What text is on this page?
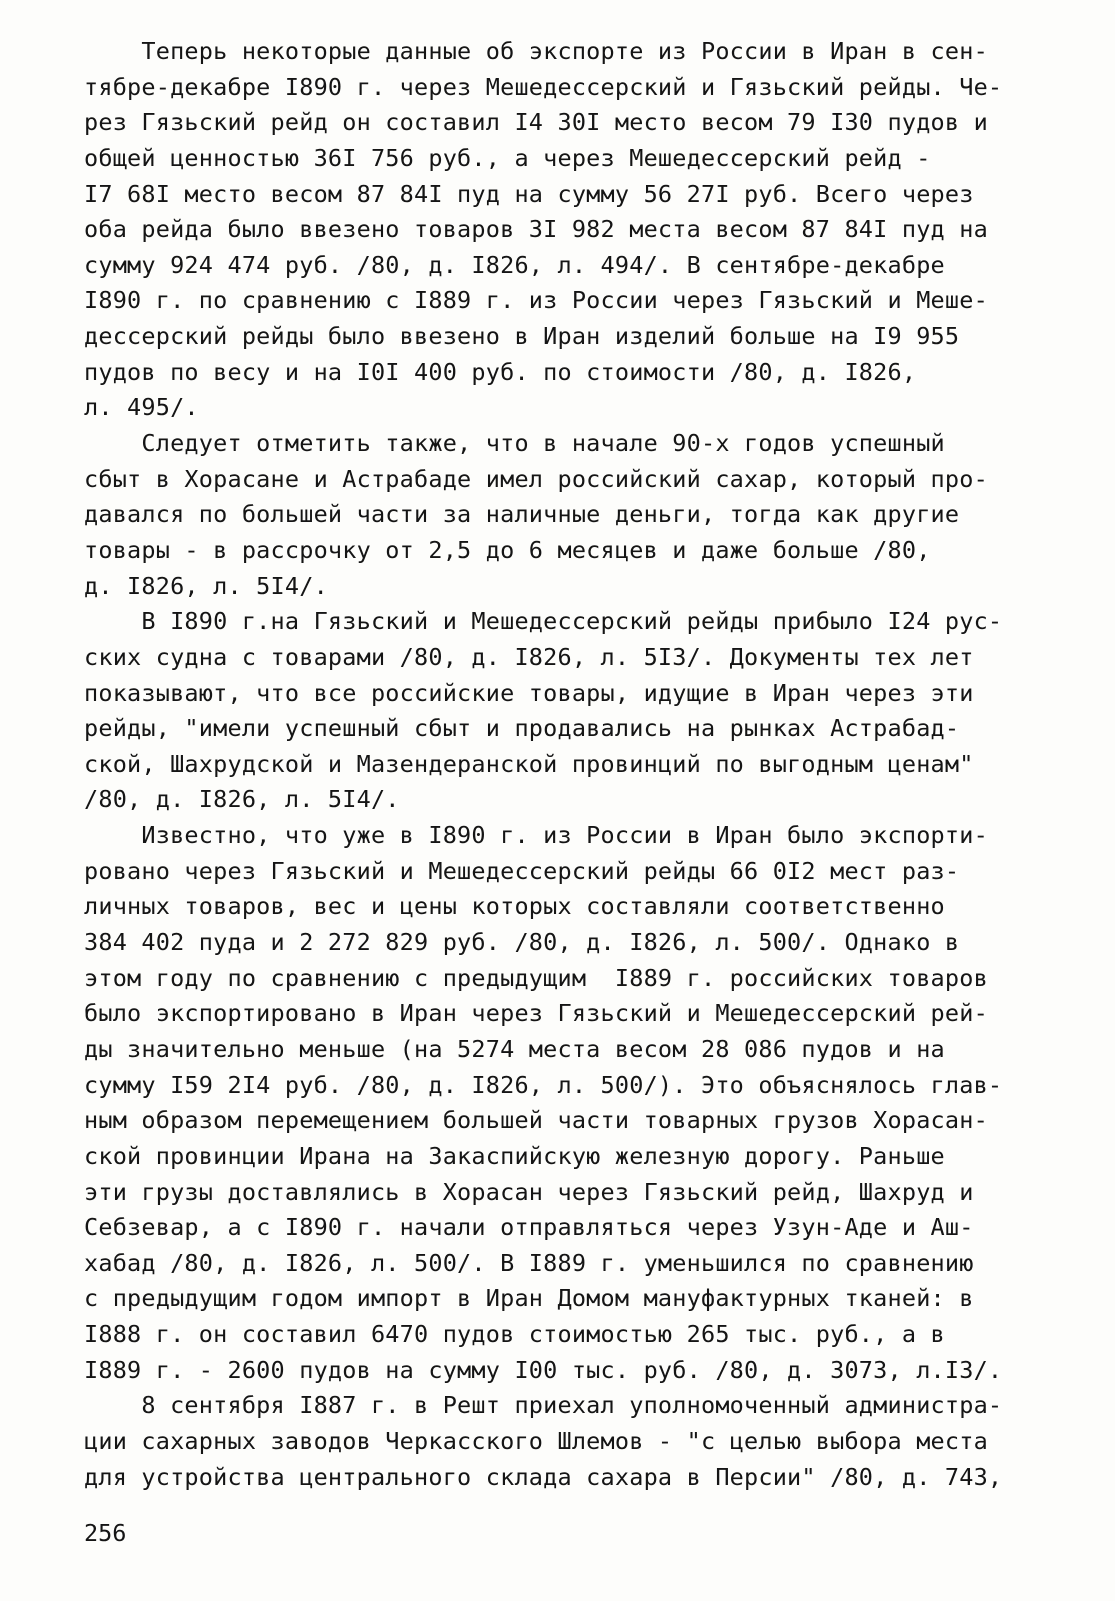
Теперь некоторые данные об экспорте из России в Иран в сен-
тябре-декабре I890 г. через Мешедессерский и Гязьский рейды. Че-
рез Гязьский рейд он составил I4 30I место весом 79 I30 пудов и
общей ценностью 36I 756 руб., а через Мешедессерский рейд -
I7 68I место весом 87 84I пуд на сумму 56 27I руб. Всего через
оба рейда было ввезено товаров 3I 982 места весом 87 84I пуд на
сумму 924 474 руб. /80, д. I826, л. 494/. В сентябре-декабре
I890 г. по сравнению с I889 г. из России через Гязьский и Меше-
дессерский рейды было ввезено в Иран изделий больше на I9 955
пудов по весу и на I0I 400 руб. по стоимости /80, д. I826,
л. 495/.
Следует отметить также, что в начале 90-х годов успешный
сбыт в Хорасане и Астрабаде имел российский сахар, который про-
давался по большей части за наличные деньги, тогда как другие
товары - в рассрочку от 2,5 до 6 месяцев и даже больше /80,
д. I826, л. 5I4/.
В I890 г.на Гязьский и Мешедессерский рейды прибыло I24 рус-
ских судна с товарами /80, д. I826, л. 5I3/. Документы тех лет
показывают, что все российские товары, идущие в Иран через эти
рейды, "имели успешный сбыт и продавались на рынках Астрабад-
ской, Шахрудской и Мазендеранской провинций по выгодным ценам"
/80, д. I826, л. 5I4/.
Известно, что уже в I890 г. из России в Иран было экспорти-
ровано через Гязьский и Мешедессерский рейды 66 0I2 мест раз-
личных товаров, вес и цены которых составляли соответственно
384 402 пуда и 2 272 829 руб. /80, д. I826, л. 500/. Однако в
этом году по сравнению с предыдущим  I889 г. российских товаров
было экспортировано в Иран через Гязьский и Мешедессерский рей-
ды значительно меньше (на 5274 места весом 28 086 пудов и на
сумму I59 2I4 руб. /80, д. I826, л. 500/). Это объяснялось глав-
ным образом перемещением большей части товарных грузов Хорасан-
ской провинции Ирана на Закаспийскую железную дорогу. Раньше
эти грузы доставлялись в Хорасан через Гязьский рейд, Шахруд и
Себзевар, а с I890 г. начали отправляться через Узун-Аде и Аш-
хабад /80, д. I826, л. 500/. В I889 г. уменьшился по сравнению
с предыдущим годом импорт в Иран Домом мануфактурных тканей: в
I888 г. он составил 6470 пудов стоимостью 265 тыс. руб., а в
I889 г. - 2600 пудов на сумму I00 тыс. руб. /80, д. 3073, л.I3/.
8 сентября I887 г. в Решт приехал уполномоченный администра-
ции сахарных заводов Черкасского Шлемов - "с целью выбора места
для устройства центрального склада сахара в Персии" /80, д. 743,
256
